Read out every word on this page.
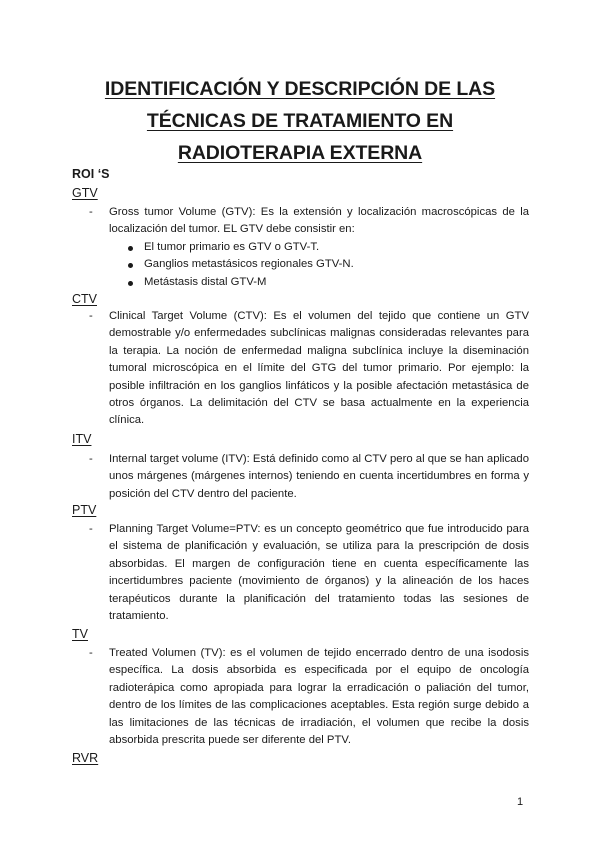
IDENTIFICACIÓN Y DESCRIPCIÓN DE LAS
TÉCNICAS DE TRATAMIENTO EN
RADIOTERAPIA EXTERNA
ROI ‘S
GTV
- Gross tumor Volume (GTV): Es la extensión y localización macroscópicas de la localización del tumor. EL GTV debe consistir en:
El tumor primario es GTV o GTV-T.
Ganglios metastásicos regionales GTV-N.
Metástasis distal GTV-M
CTV
- Clinical Target Volume (CTV): Es el volumen del tejido que contiene un GTV demostrable y/o enfermedades subclínicas malignas consideradas relevantes para la terapia. La noción de enfermedad maligna subclínica incluye la diseminación tumoral microscópica en el límite del GTG del tumor primario. Por ejemplo: la posible infiltración en los ganglios linfáticos y la posible afectación metastásica de otros órganos. La delimitación del CTV se basa actualmente en la experiencia clínica.
ITV
- Internal target volume (ITV): Está definido como al CTV pero al que se han aplicado unos márgenes (márgenes internos) teniendo en cuenta incertidumbres en forma y posición del CTV dentro del paciente.
PTV
- Planning Target Volume=PTV: es un concepto geométrico que fue introducido para el sistema de planificación y evaluación, se utiliza para la prescripción de dosis absorbidas. El margen de configuración tiene en cuenta específicamente las incertidumbres paciente (movimiento de órganos) y la alineación de los haces terapéuticos durante la planificación del tratamiento todas las sesiones de tratamiento.
TV
- Treated Volumen (TV): es el volumen de tejido encerrado dentro de una isodosis específica. La dosis absorbida es especificada por el equipo de oncología radioterápica como apropiada para lograr la erradicación o paliación del tumor, dentro de los límites de las complicaciones aceptables. Esta región surge debido a las limitaciones de las técnicas de irradiación, el volumen que recibe la dosis absorbida prescrita puede ser diferente del PTV.
RVR
1
